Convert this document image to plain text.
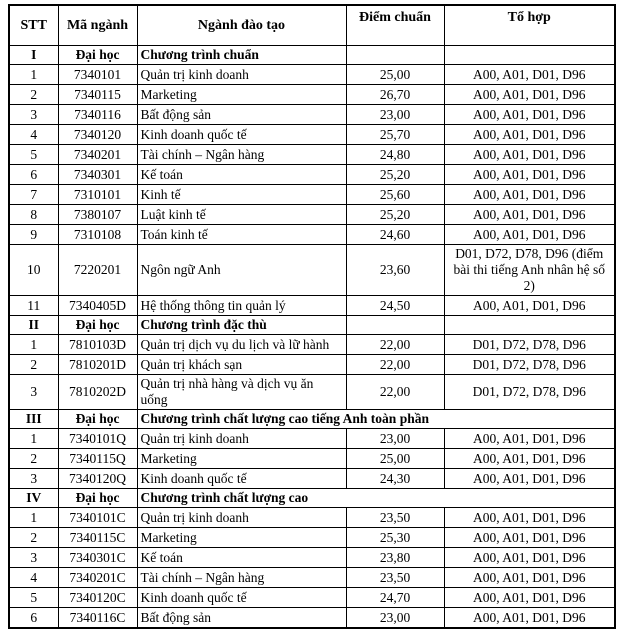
STT	Mã ngành	Ngành đào tạo	Điểm chuẩn	Tổ hợp
I	Đại học	Chương trình chuẩn		
1	7340101	Quản trị kinh doanh	25,00	A00, A01, D01, D96
2	7340115	Marketing	26,70	A00, A01, D01, D96
3	7340116	Bất động sản	23,00	A00, A01, D01, D96
4	7340120	Kinh doanh quốc tế	25,70	A00, A01, D01, D96
5	7340201	Tài chính – Ngân hàng	24,80	A00, A01, D01, D96
6	7340301	Kế toán	25,20	A00, A01, D01, D96
7	7310101	Kinh tế	25,60	A00, A01, D01, D96
8	7380107	Luật kinh tế	25,20	A00, A01, D01, D96
9	7310108	Toán kinh tế	24,60	A00, A01, D01, D96
10	7220201	Ngôn ngữ Anh	23,60	D01, D72, D78, D96 (điểm bài thi tiếng Anh nhân hệ số 2)
11	7340405D	Hệ thống thông tin quản lý	24,50	A00, A01, D01, D96
II	Đại học	Chương trình đặc thù		
1	7810103D	Quản trị dịch vụ du lịch và lữ hành	22,00	D01, D72, D78, D96
2	7810201D	Quản trị khách sạn	22,00	D01, D72, D78, D96
3	7810202D	Quản trị nhà hàng và dịch vụ ăn uống	22,00	D01, D72, D78, D96
III	Đại học	Chương trình chất lượng cao tiếng Anh toàn phần		
1	7340101Q	Quản trị kinh doanh	23,00	A00, A01, D01, D96
2	7340115Q	Marketing	25,00	A00, A01, D01, D96
3	7340120Q	Kinh doanh quốc tế	24,30	A00, A01, D01, D96
IV	Đại học	Chương trình chất lượng cao		
1	7340101C	Quản trị kinh doanh	23,50	A00, A01, D01, D96
2	7340115C	Marketing	25,30	A00, A01, D01, D96
3	7340301C	Kế toán	23,80	A00, A01, D01, D96
4	7340201C	Tài chính – Ngân hàng	23,50	A00, A01, D01, D96
5	7340120C	Kinh doanh quốc tế	24,70	A00, A01, D01, D96
6	7340116C	Bất động sản	23,00	A00, A01, D01, D96
